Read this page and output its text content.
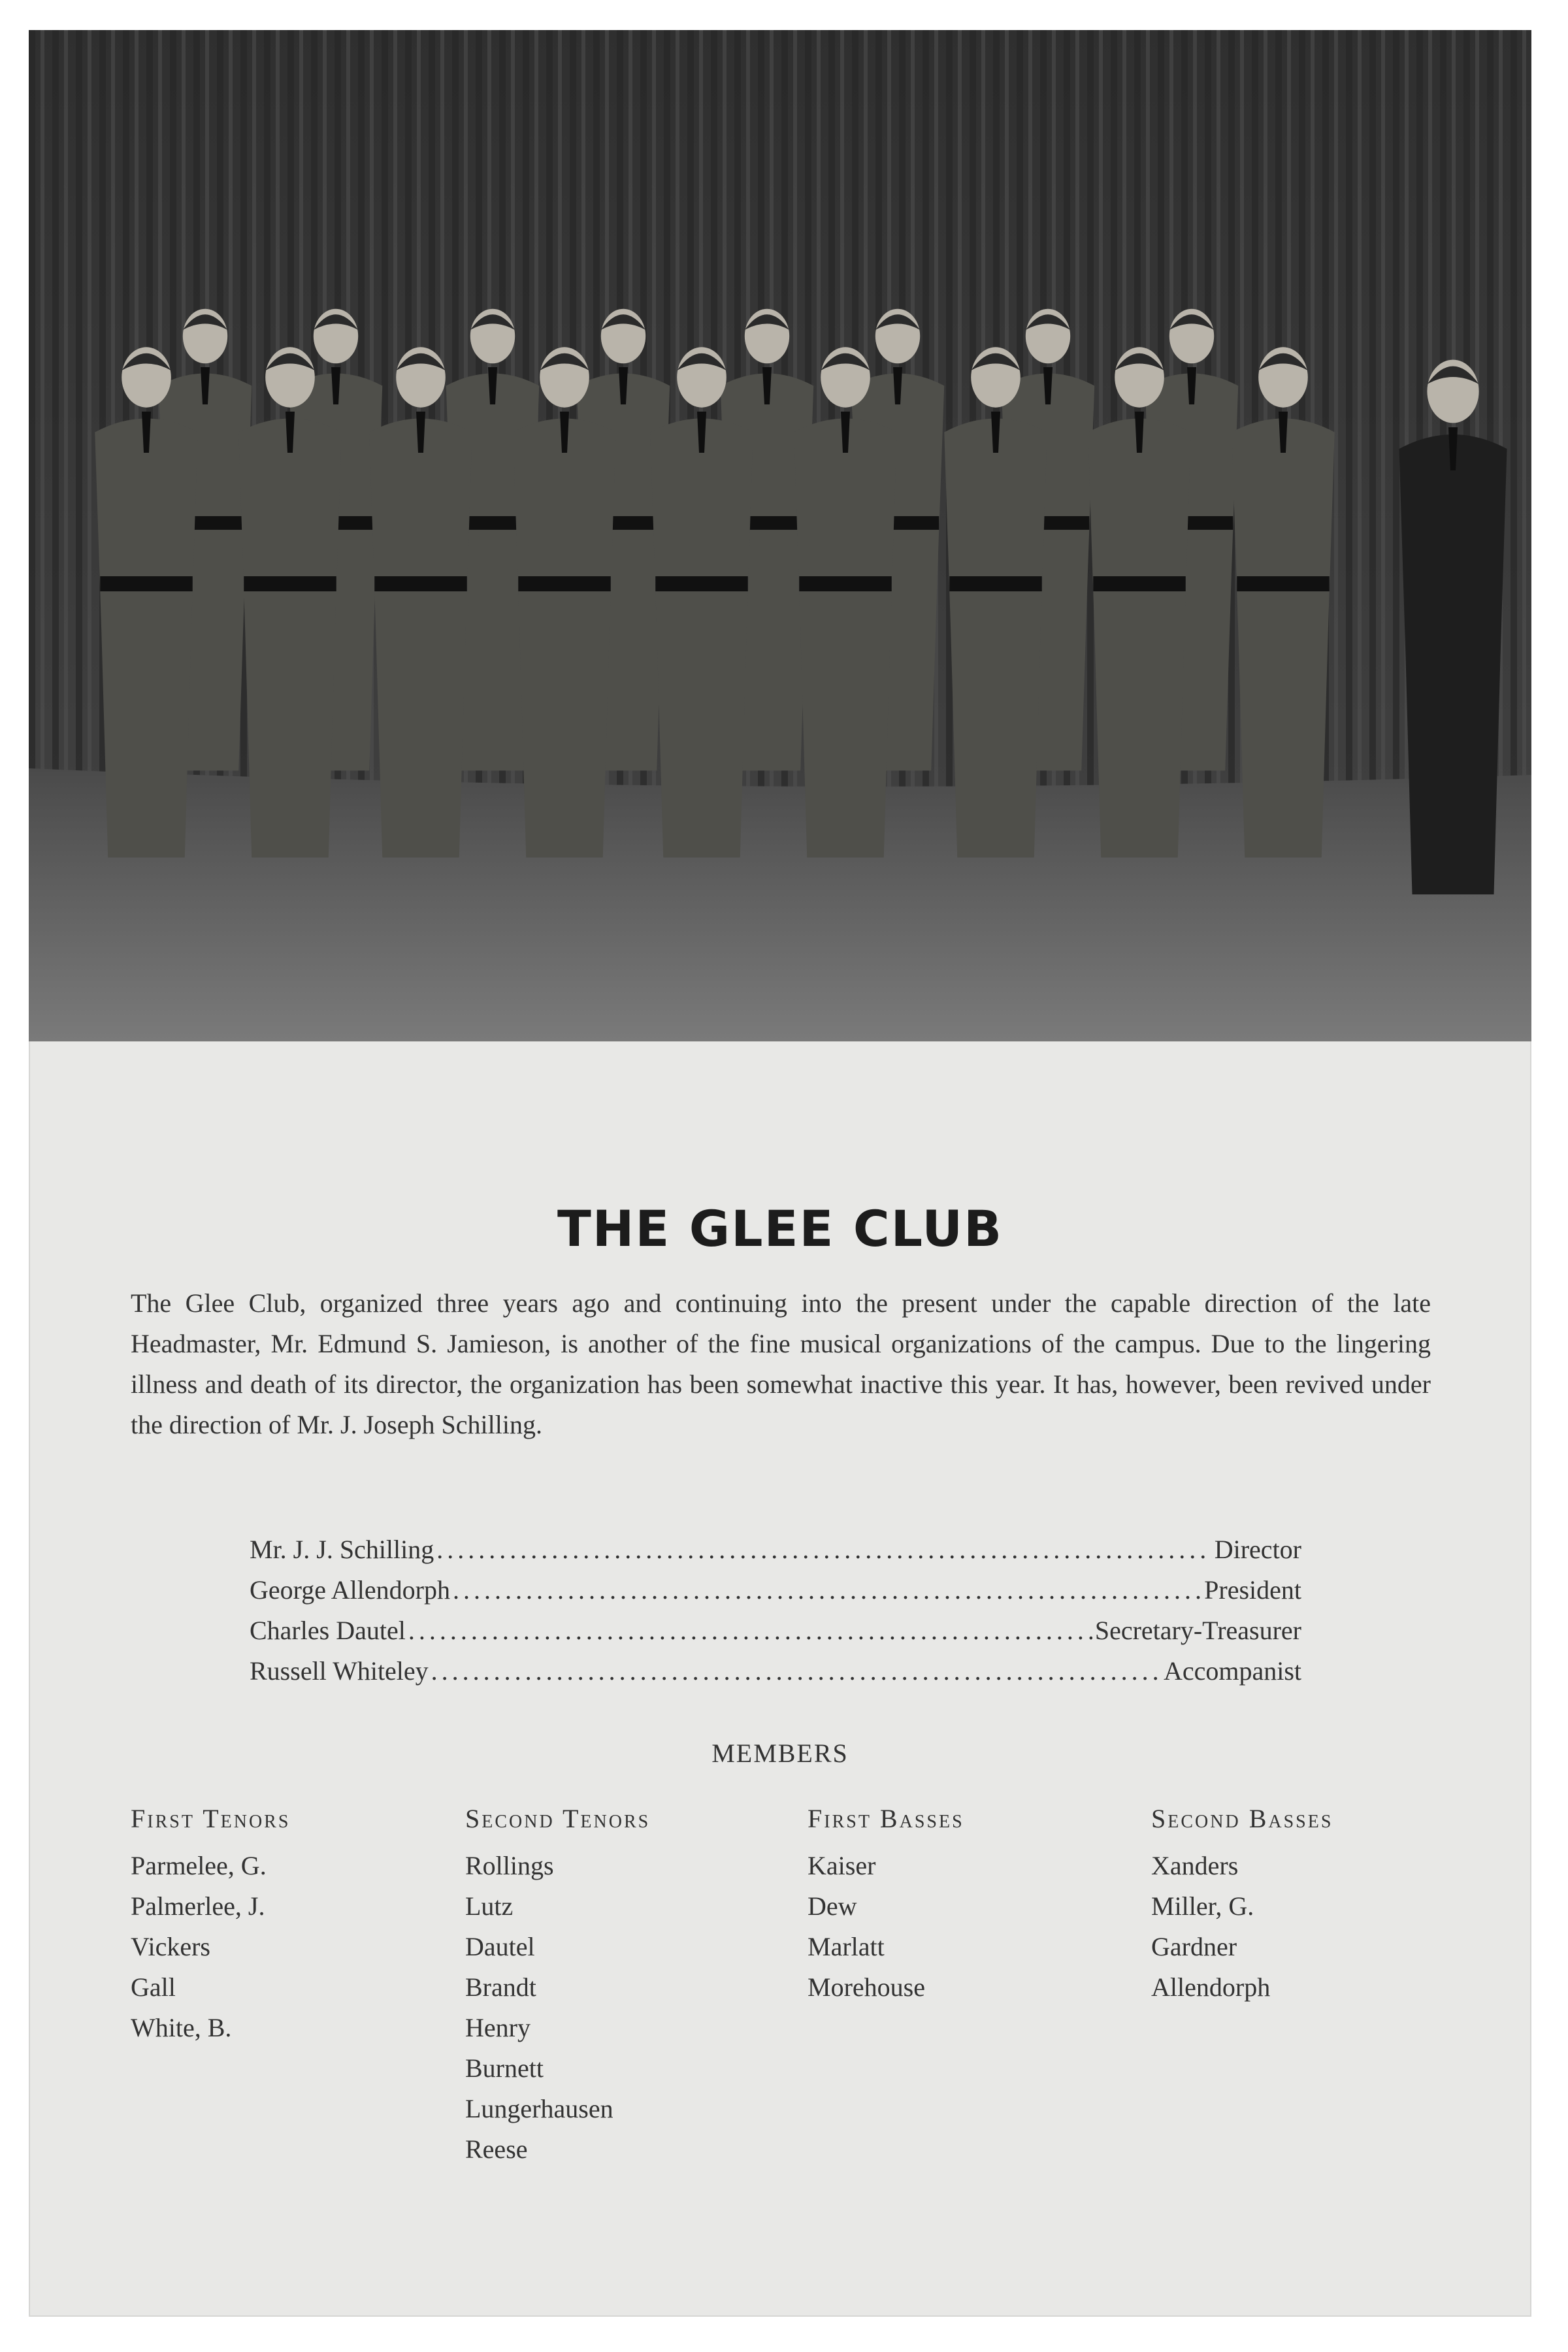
THE GLEE CLUB
The Glee Club, organized three years ago and continuing into the present under the capable direction of the late Headmaster, Mr. Edmund S. Jamieson, is another of the fine musical organizations of the campus. Due to the lingering illness and death of its director, the organization has been somewhat inactive this year. It has, however, been revived under the direction of Mr. J. Joseph Schilling.
Mr. J. J. Schilling .....	Director
George Allendorph .....	President
Charles Dautel .....	Secretary-Treasurer
Russell Whiteley .....	Accompanist
MEMBERS
First Tenors
Parmelee, G.
Palmerlee, J.
Vickers
Gall
White, B.
Second Tenors
Rollings
Lutz
Dautel
Brandt
Henry
Burnett
Lungerhausen
Reese
First Basses
Kaiser
Dew
Marlatt
Morehouse
Second Basses
Xanders
Miller, G.
Gardner
Allendorph
